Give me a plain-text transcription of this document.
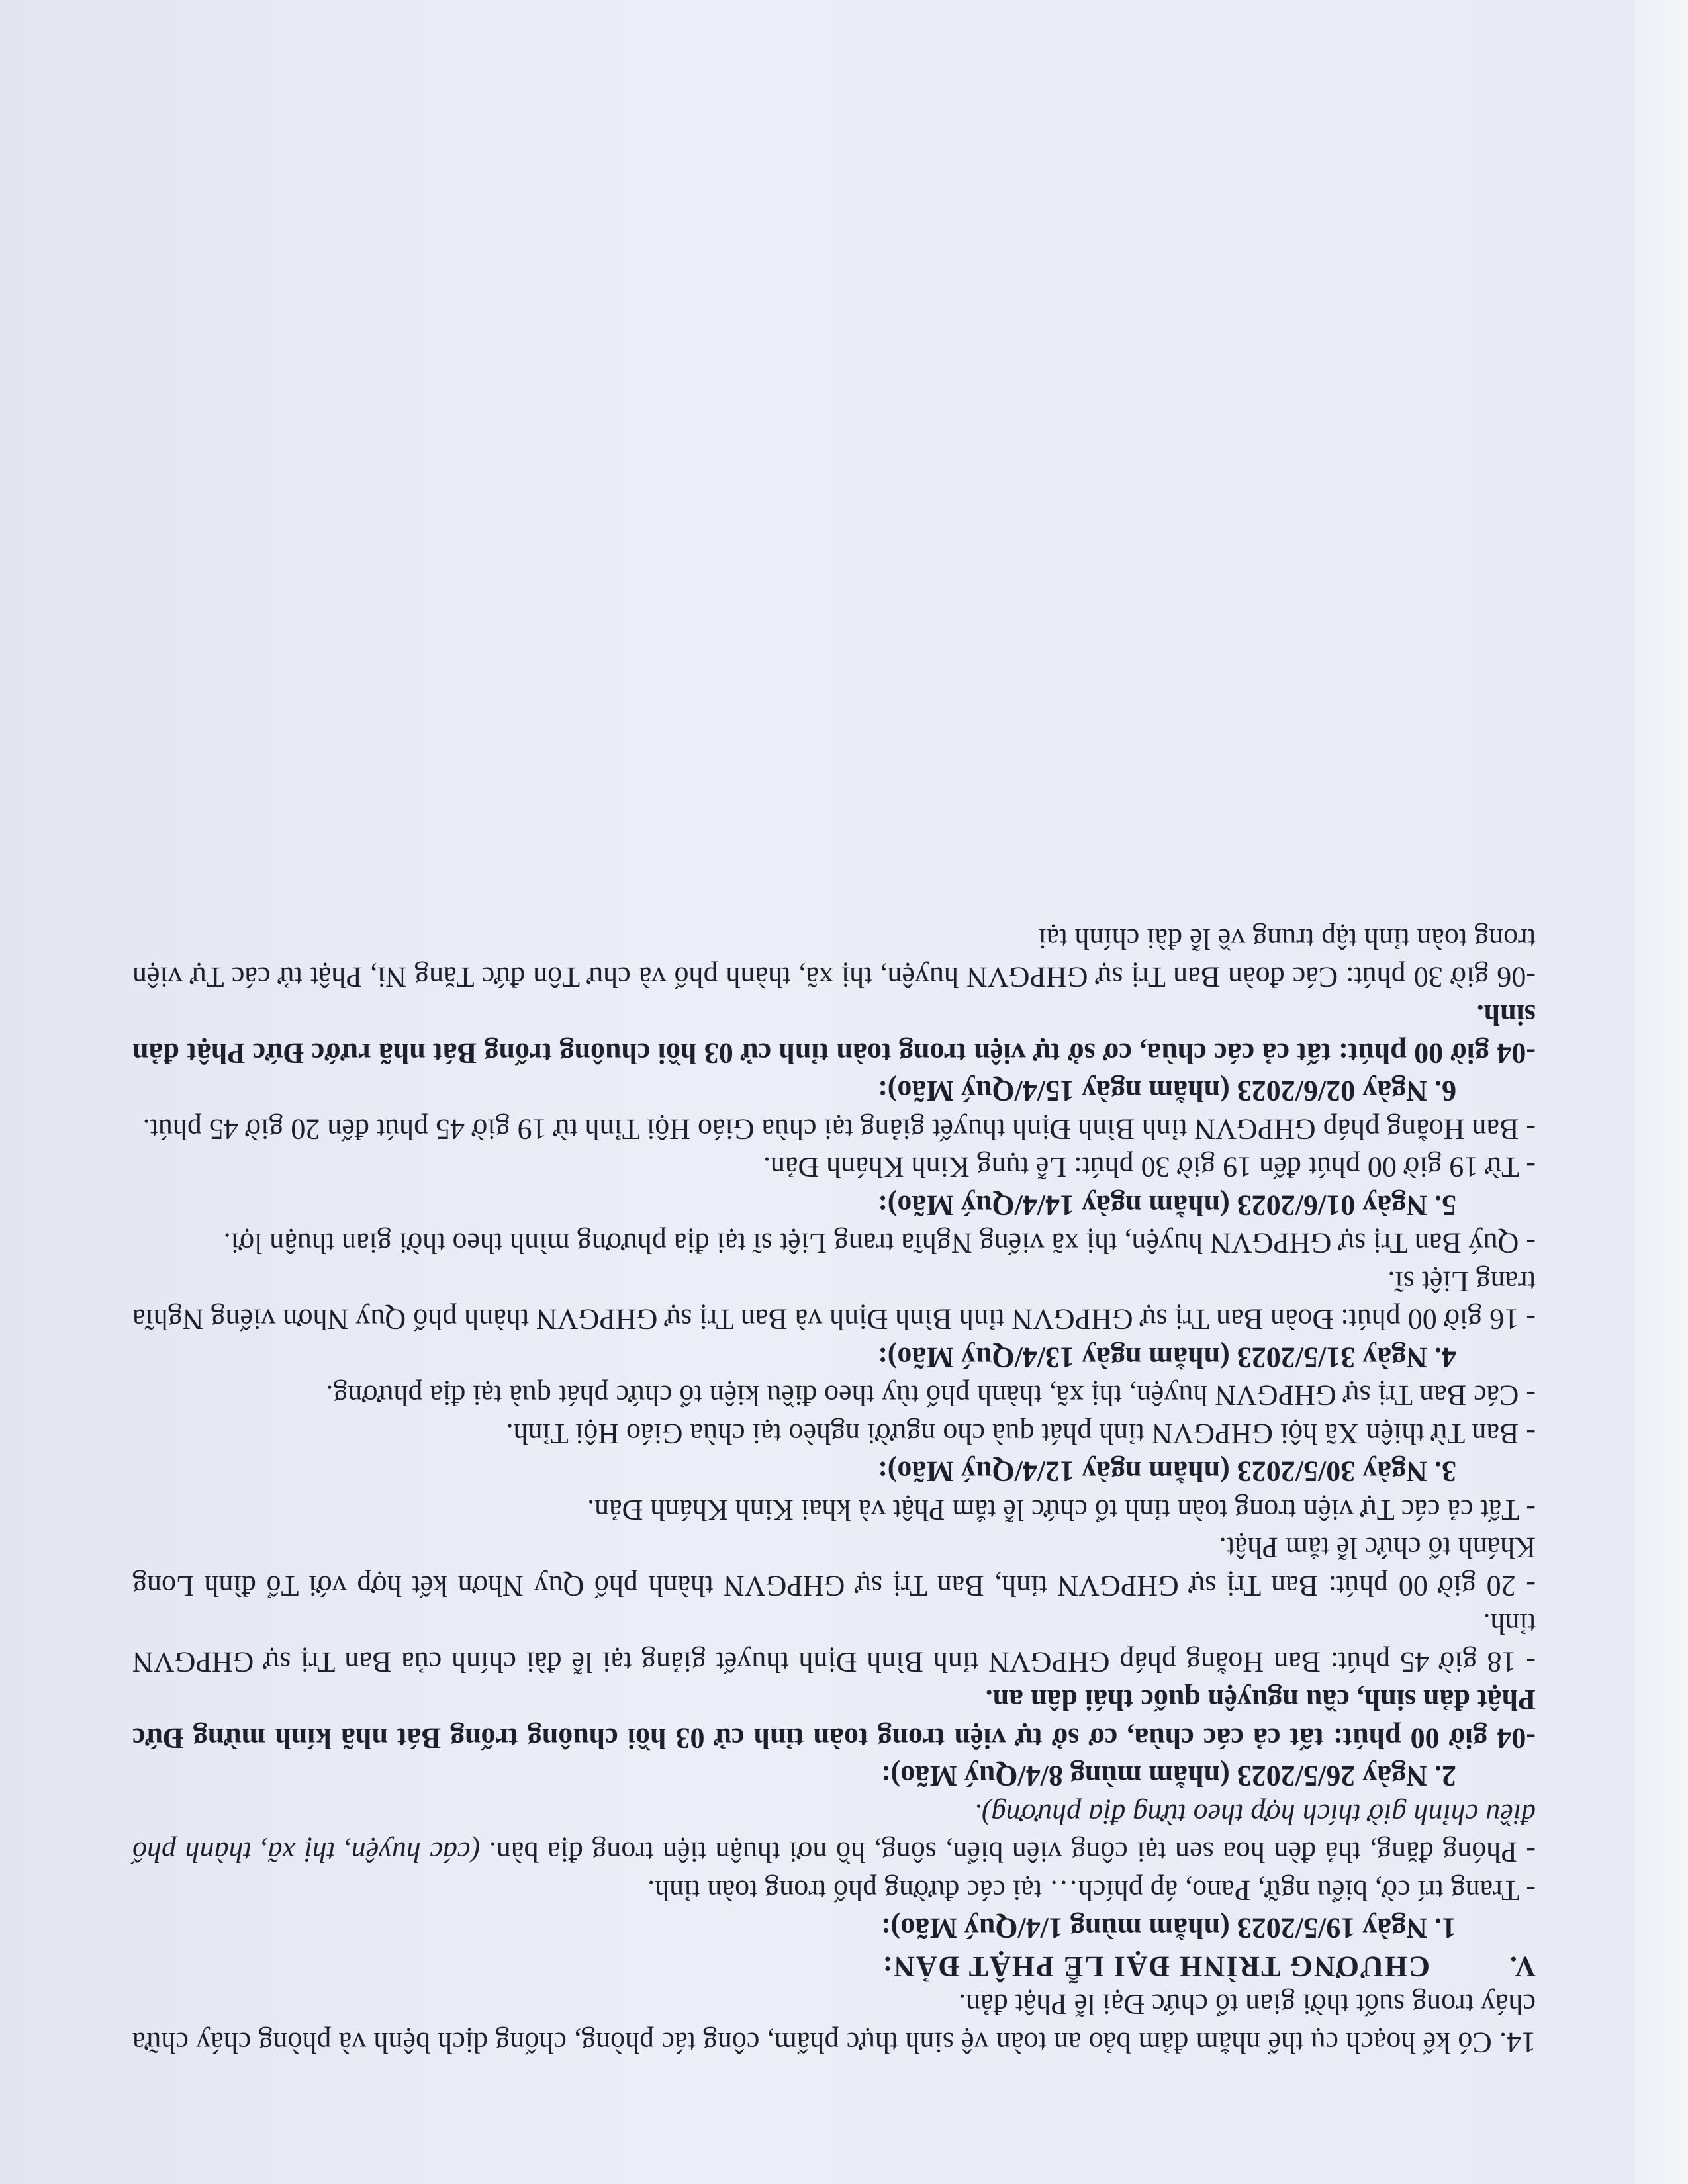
14. Có kế hoạch cụ thể nhằm đảm bảo an toàn vệ sinh thực phẩm, công tác phòng, chống dịch bệnh và phòng cháy chữa cháy trong suốt thời gian tổ chức Đại lễ Phật đản.

V.CHƯƠNG TRÌNH ĐẠI LỄ PHẬT ĐẢN:

1. Ngày 19/5/2023 (nhằm mùng 1/4/Quý Mão):

- Trang trí cờ, biểu ngữ, Pano, áp phích… tại các đường phố trong toàn tỉnh.

- Phóng đăng, thả đèn hoa sen tại công viên biển, sông, hồ nơi thuận tiện trong địa bàn. (các huyện, thị xã, thành phố điều chỉnh giờ thích hợp theo từng địa phương).

2. Ngày 26/5/2023 (nhằm mùng 8/4/Quý Mão):

-04 giờ 00 phút: tất cả các chùa, cơ sở tự viện trong toàn tỉnh cử 03 hồi chuông trống Bát nhã kính mừng Đức Phật đản sinh, cầu nguyện quốc thái dân an.

- 18 giờ 45 phút: Ban Hoằng pháp GHPGVN tỉnh Bình Định thuyết giảng tại lễ đài chính của Ban Trị sự GHPGVN tỉnh.

- 20 giờ 00 phút: Ban Trị sự GHPGVN tỉnh, Ban Trị sự GHPGVN thành phố Quy Nhơn kết hợp với Tổ đình Long Khánh tổ chức lễ tắm Phật.

- Tất cả các Tự viện trong toàn tỉnh tổ chức lễ tắm Phật và khai Kinh Khánh Đản.

3. Ngày 30/5/2023 (nhằm ngày 12/4/Quý Mão):

- Ban Từ thiện Xã hội GHPGVN tỉnh phát quà cho người nghèo tại chùa Giáo Hội Tỉnh.

- Các Ban Trị sự GHPGVN huyện, thị xã, thành phố tùy theo điều kiện tổ chức phát quà tại địa phương.

4. Ngày 31/5/2023 (nhằm ngày 13/4/Quý Mão):

- 16 giờ 00 phút: Đoàn Ban Trị sự GHPGVN tỉnh Bình Định và Ban Trị sự GHPGVN thành phố Quy Nhơn viếng Nghĩa trang Liệt sĩ.

- Quý Ban Trị sự GHPGVN huyện, thị xã viếng Nghĩa trang Liệt sĩ tại địa phương mình theo thời gian thuận lợi.

5. Ngày 01/6/2023 (nhằm ngày 14/4/Quý Mão):

- Từ 19 giờ 00 phút đến 19 giờ 30 phút: Lễ tụng Kinh Khánh Đản.

- Ban Hoằng pháp GHPGVN tỉnh Bình Định thuyết giảng tại chùa Giáo Hội Tỉnh từ 19 giờ 45 phút đến 20 giờ 45 phút.

6. Ngày 02/6/2023 (nhằm ngày 15/4/Quý Mão):

-04 giờ 00 phút: tất cả các chùa, cơ sở tự viện trong toàn tỉnh cử 03 hồi chuông trống Bát nhã rước Đức Phật đản sinh.

-06 giờ 30 phút: Các đoàn Ban Trị sự GHPGVN huyện, thị xã, thành phố và chư Tôn đức Tăng Ni, Phật tử các Tự viện trong toàn tỉnh tập trung về lễ đài chính tại
